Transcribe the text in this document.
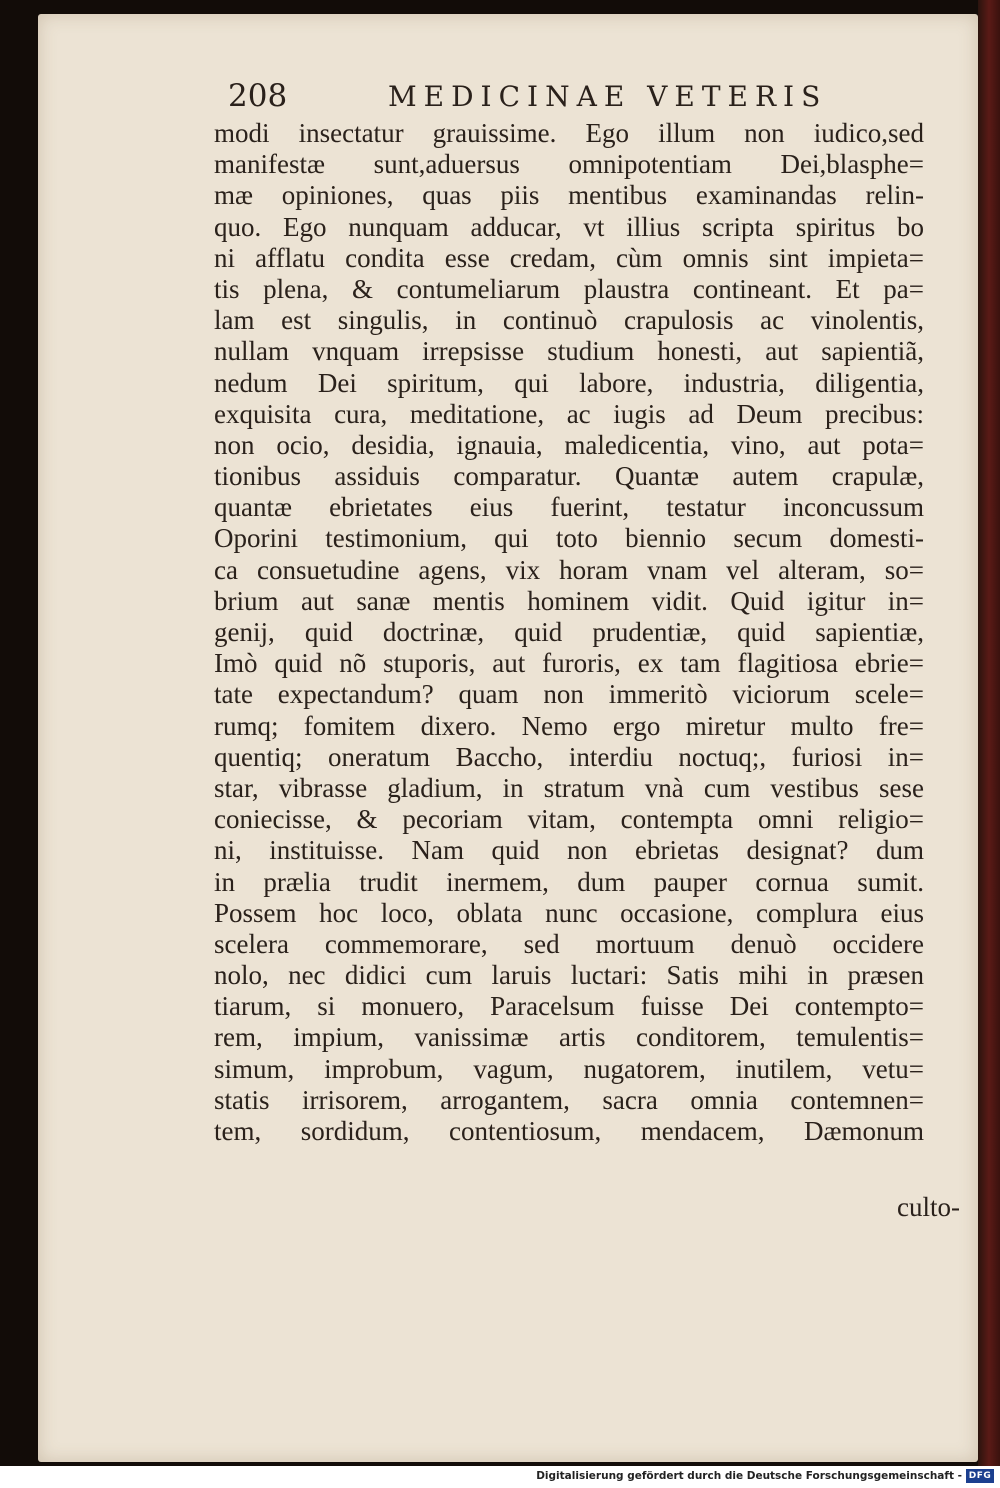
208	MEDICINAE VETERIS
modi insectatur grauissime. Ego illum non iudico,sed
manifestæ sunt,aduersus omnipotentiam Dei,blasphe=
mæ opiniones, quas piis mentibus examinandas relin-
quo. Ego nunquam adducar, vt illius scripta spiritus bo
ni afflatu condita esse credam, cùm omnis sint impieta=
tis plena, & contumeliarum plaustra contineant. Et pa=
lam est singulis, in continuò crapulosis ac vinolentis,
nullam vnquam irrepsisse studium honesti, aut sapientiã,
nedum Dei spiritum, qui labore, industria, diligentia,
exquisita cura, meditatione, ac iugis ad Deum precibus:
non ocio, desidia, ignauia, maledicentia, vino, aut pota=
tionibus assiduis comparatur. Quantæ autem crapulæ,
quantæ ebrietates eius fuerint, testatur inconcussum
Oporini testimonium, qui toto biennio secum domesti-
ca consuetudine agens, vix horam vnam vel alteram, so=
brium aut sanæ mentis hominem vidit. Quid igitur in=
genij, quid doctrinæ, quid prudentiæ, quid sapientiæ,
Imò quid nõ stuporis, aut furoris, ex tam flagitiosa ebrie=
tate expectandum? quam non immeritò viciorum scele=
rumq; fomitem dixero. Nemo ergo miretur multo fre=
quentiq; oneratum Baccho, interdiu noctuq;, furiosi in=
star, vibrasse gladium, in stratum vnà cum vestibus sese
coniecisse, & pecoriam vitam, contempta omni religio=
ni, instituisse. Nam quid non ebrietas designat? dum
in prælia trudit inermem, dum pauper cornua sumit.
Possem hoc loco, oblata nunc occasione, complura eius
scelera commemorare, sed mortuum denuò occidere
nolo, nec didici cum laruis luctari: Satis mihi in præsen
tiarum, si monuero, Paracelsum fuisse Dei contempto=
rem, impium, vanissimæ artis conditorem, temulentis=
simum, improbum, vagum, nugatorem, inutilem, vetu=
statis irrisorem, arrogantem, sacra omnia contemnen=
tem, sordidum, contentiosum, mendacem, Dæmonum
culto-
Digitalisierung gefördert durch die Deutsche Forschungsgemeinschaft - DFG
